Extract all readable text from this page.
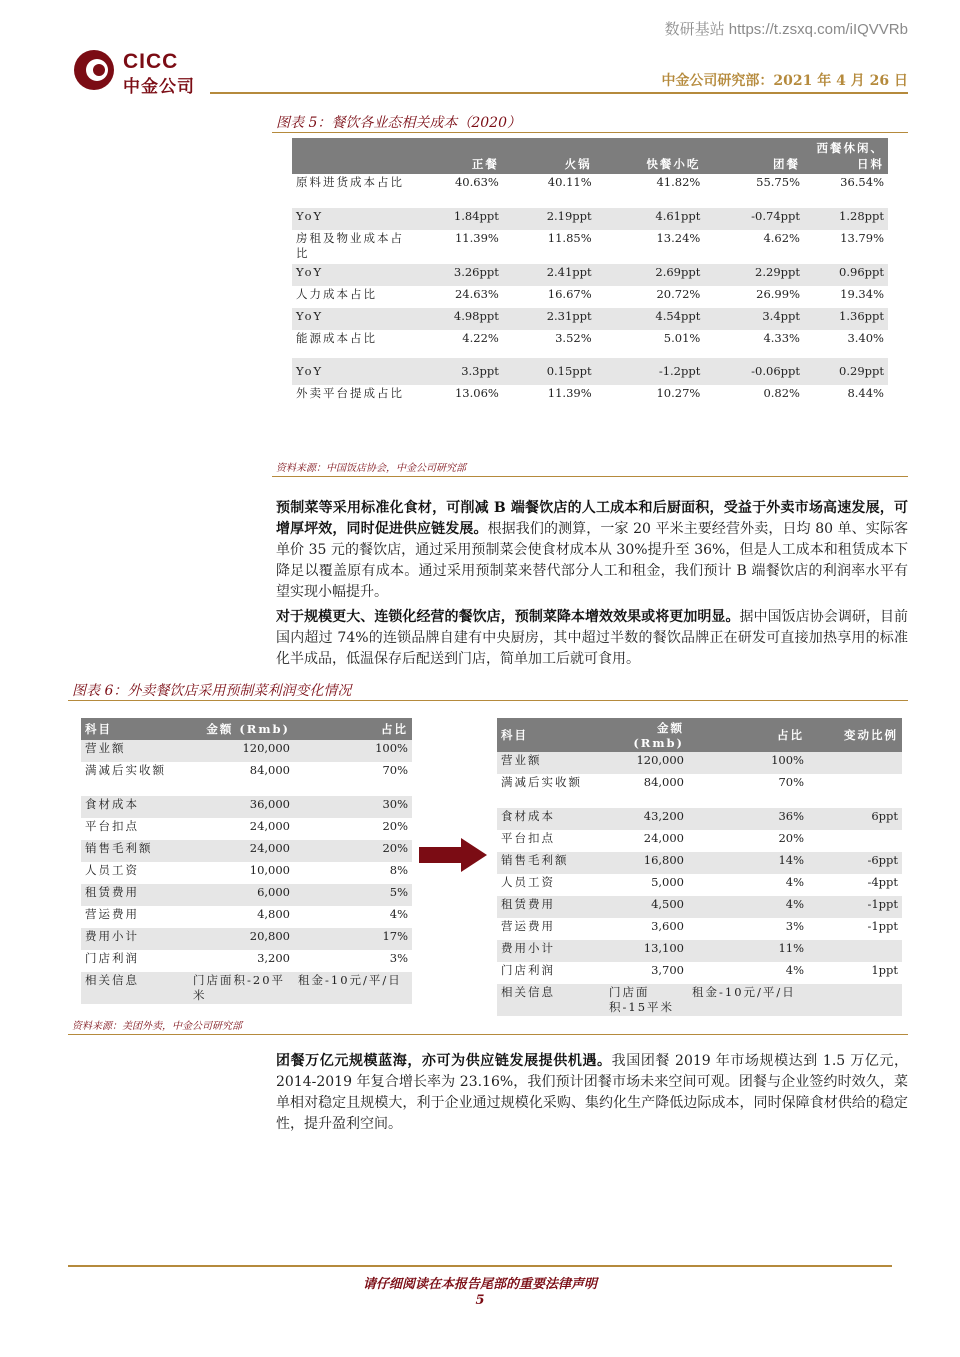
CICC
中金公司
数研基站 https://t.zsxq.com/iIQVVRb
中金公司研究部：2021 年 4 月 26 日
图表 5：餐饮各业态相关成本（2020）
	正餐	火锅	快餐小吃	团餐	西餐休闲、日料
原料进货成本占比	40.63%	40.11%	41.82%	55.75%	36.54%
YoY	1.84ppt	2.19ppt	4.61ppt	-0.74ppt	1.28ppt
房租及物业成本占比	11.39%	11.85%	13.24%	4.62%	13.79%
YoY	3.26ppt	2.41ppt	2.69ppt	2.29ppt	0.96ppt
人力成本占比	24.63%	16.67%	20.72%	26.99%	19.34%
YoY	4.98ppt	2.31ppt	4.54ppt	3.4ppt	1.36ppt
能源成本占比	4.22%	3.52%	5.01%	4.33%	3.40%

YoY	3.3ppt	0.15ppt	-1.2ppt	-0.06ppt	0.29ppt
外卖平台提成占比	13.06%	11.39%	10.27%	0.82%	8.44%
资料来源：中国饭店协会，中金公司研究部
预制菜等采用标准化食材，可削减 B 端餐饮店的人工成本和后厨面积，受益于外卖市场高速发展，可增厚坪效，同时促进供应链发展。根据我们的测算，一家 20 平米主要经营外卖，日均 80 单、实际客单价 35 元的餐饮店，通过采用预制菜会使食材成本从 30%提升至 36%，但是人工成本和租赁成本下降足以覆盖原有成本。通过采用预制菜来替代部分人工和租金，我们预计 B 端餐饮店的利润率水平有望实现小幅提升。
对于规模更大、连锁化经营的餐饮店，预制菜降本增效效果或将更加明显。据中国饭店协会调研，目前国内超过 74%的连锁品牌自建有中央厨房，其中超过半数的餐饮品牌正在研发可直接加热享用的标准化半成品，低温保存后配送到门店，简单加工后就可食用。
图表 6：外卖餐饮店采用预制菜利润变化情况
科目	金额 (Rmb)	占比
营业额	120,000	100%
满减后实收额	84,000	70%
食材成本	36,000	30%
平台扣点	24,000	20%
销售毛利额	24,000	20%
人员工资	10,000	8%
租赁费用	6,000	5%
营运费用	4,800	4%
费用小计	20,800	17%
门店利润	3,200	3%
相关信息	门店面积-20平米	租金-10元/平/日
科目	金额 (Rmb)	占比	变动比例
营业额	120,000	100%	
满减后实收额	84,000	70%	
食材成本	43,200	36%	6ppt
平台扣点	24,000	20%	
销售毛利额	16,800	14%	-6ppt
人员工资	5,000	4%	-4ppt
租赁费用	4,500	4%	-1ppt
营运费用	3,600	3%	-1ppt
费用小计	13,100	11%	
门店利润	3,700	4%	1ppt
相关信息	门店面积-15平米	租金-10元/平/日	
资料来源：美团外卖，中金公司研究部
团餐万亿元规模蓝海，亦可为供应链发展提供机遇。我国团餐 2019 年市场规模达到 1.5 万亿元，2014-2019 年复合增长率为 23.16%，我们预计团餐市场未来空间可观。团餐与企业签约时效久，菜单相对稳定且规模大，利于企业通过规模化采购、集约化生产降低边际成本，同时保障食材供给的稳定性，提升盈利空间。
请仔细阅读在本报告尾部的重要法律声明
5
